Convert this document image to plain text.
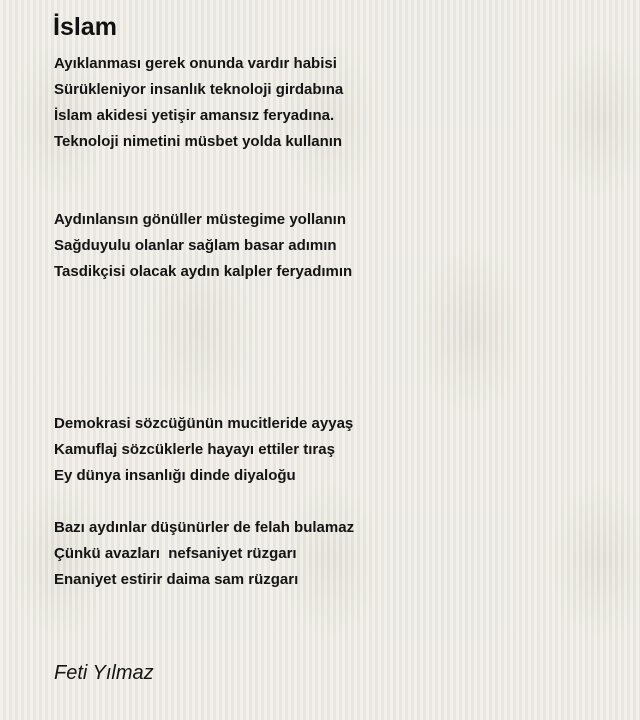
İslam
Ayıklanması gerek onunda vardır habisi
Sürükleniyor insanlık teknoloji girdabına
İslam akidesi yetişir amansız feryadına.
Teknoloji nimetini müsbet yolda kullanın
Aydınlansın gönüller müstegime yollanın
Sağduyulu olanlar sağlam basar adımın
Tasdikçisi olacak aydın kalpler feryadımın
Demokrasi sözcüğünün mucitleride ayyaş
Kamuflaj sözcüklerle hayayı ettiler tıraş
Ey dünya insanlığı dinde diyaloğu
Bazı aydınlar düşünürler de felah bulamaz
Çünkü avazları  nefsaniyet rüzgarı
Enaniyet estirir daima sam rüzgarı
Feti Yılmaz
